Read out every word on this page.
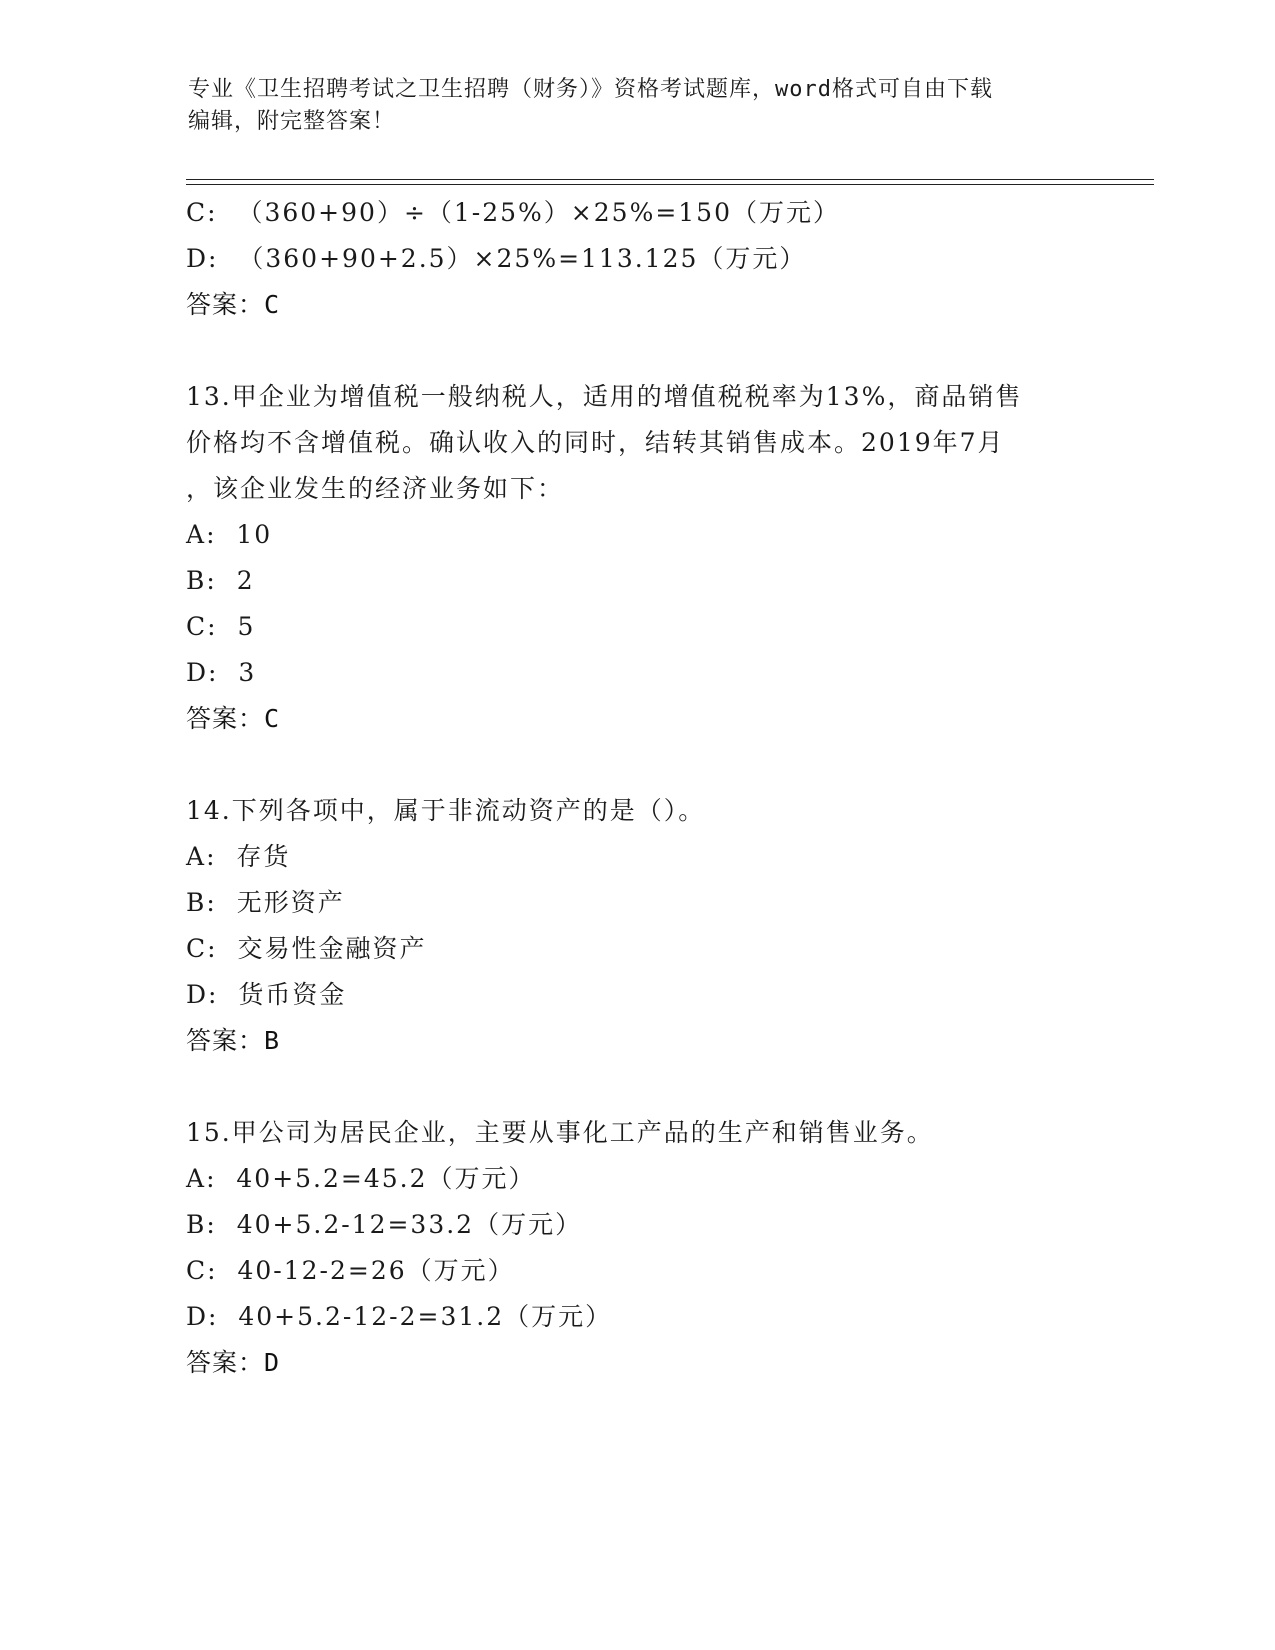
专业《卫生招聘考试之卫生招聘（财务）》资格考试题库，word格式可自由下载
编辑，附完整答案！
C:  （360+90）÷（1-25%）×25%=150（万元）
D:  （360+90+2.5）×25%=113.125（万元）
答案：C
13.甲企业为增值税一般纳税人，适用的增值税税率为13%，商品销售
价格均不含增值税。确认收入的同时，结转其销售成本。2019年7月
，该企业发生的经济业务如下：
A:  10
B:  2
C:  5
D:  3
答案：C
14.下列各项中，属于非流动资产的是（）。
A:  存货
B:  无形资产
C:  交易性金融资产
D:  货币资金
答案：B
15.甲公司为居民企业，主要从事化工产品的生产和销售业务。
A:  40+5.2=45.2（万元）
B:  40+5.2-12=33.2（万元）
C:  40-12-2=26（万元）
D:  40+5.2-12-2=31.2（万元）
答案：D
